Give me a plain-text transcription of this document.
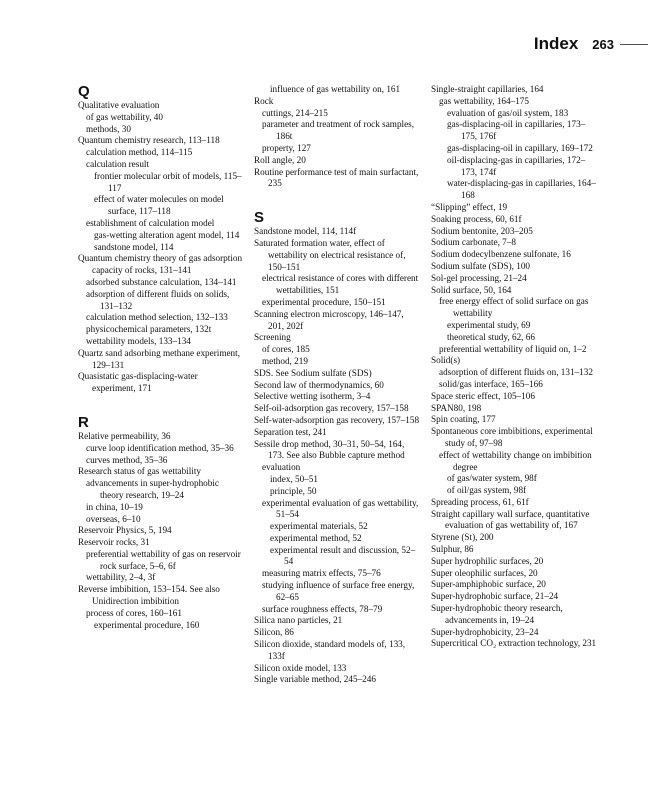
Index 263
Q
Qualitative evaluation
of gas wettability, 40
methods, 30
Quantum chemistry research, 113–118
calculation method, 114–115
calculation result
frontier molecular orbit of models, 115–117
effect of water molecules on model surface, 117–118
establishment of calculation model
gas-wetting alteration agent model, 114
sandstone model, 114
Quantum chemistry theory of gas adsorption capacity of rocks, 131–141
adsorbed substance calculation, 134–141
adsorption of different fluids on solids, 131–132
calculation method selection, 132–133
physicochemical parameters, 132t
wettability models, 133–134
Quartz sand adsorbing methane experiment, 129–131
Quasistatic gas-displacing-water experiment, 171
R
Relative permeability, 36
curve loop identification method, 35–36
curves method, 35–36
Research status of gas wettability
advancements in super-hydrophobic theory research, 19–24
in china, 10–19
overseas, 6–10
Reservoir Physics, 5, 194
Reservoir rocks, 31
preferential wettability of gas on reservoir rock surface, 5–6, 6f
wettability, 2–4, 3f
Reverse imbibition, 153–154. See also Unidirection imbibition
process of cores, 160–161
experimental procedure, 160
influence of gas wettability on, 161
Rock
cuttings, 214–215
parameter and treatment of rock samples, 186t
property, 127
Roll angle, 20
Routine performance test of main surfactant, 235
S
Sandstone model, 114, 114f
Saturated formation water, effect of wettability on electrical resistance of, 150–151
electrical resistance of cores with different wettabilities, 151
experimental procedure, 150–151
Scanning electron microscopy, 146–147, 201, 202f
Screening
of cores, 185
method, 219
SDS. See Sodium sulfate (SDS)
Second law of thermodynamics, 60
Selective wetting isotherm, 3–4
Self-oil-adsorption gas recovery, 157–158
Self-water-adsorption gas recovery, 157–158
Separation test, 241
Sessile drop method, 30–31, 50–54, 164, 173. See also Bubble capture method
evaluation
index, 50–51
principle, 50
experimental evaluation of gas wettability, 51–54
experimental materials, 52
experimental method, 52
experimental result and discussion, 52–54
measuring matrix effects, 75–76
studying influence of surface free energy, 62–65
surface roughness effects, 78–79
Silica nano particles, 21
Silicon, 86
Silicon dioxide, standard models of, 133, 133f
Silicon oxide model, 133
Single variable method, 245–246
Single-straight capillaries, 164
gas wettability, 164–175
evaluation of gas/oil system, 183
gas-displacing-oil in capillaries, 173–175, 176f
gas-displacing-oil in capillary, 169–172
oil-displacing-gas in capillaries, 172–173, 174f
water-displacing-gas in capillaries, 164–168
“Slipping” effect, 19
Soaking process, 60, 61f
Sodium bentonite, 203–205
Sodium carbonate, 7–8
Sodium dodecylbenzene sulfonate, 16
Sodium sulfate (SDS), 100
Sol-gel processing, 21–24
Solid surface, 50, 164
free energy effect of solid surface on gas wettability
experimental study, 69
theoretical study, 62, 66
preferential wettability of liquid on, 1–2
Solid(s)
adsorption of different fluids on, 131–132
solid/gas interface, 165–166
Space steric effect, 105–106
SPAN80, 198
Spin coating, 177
Spontaneous core imbibitions, experimental study of, 97–98
effect of wettability change on imbibition degree
of gas/water system, 98f
of oil/gas system, 98f
Spreading process, 61, 61f
Straight capillary wall surface, quantitative evaluation of gas wettability of, 167
Styrene (St), 200
Sulphur, 86
Super hydrophilic surfaces, 20
Super oleophilic surfaces, 20
Super-amphiphobic surface, 20
Super-hydrophobic surface, 21–24
Super-hydrophobic theory research, advancements in, 19–24
Super-hydrophobicity, 23–24
Supercritical CO₂ extraction technology, 231
